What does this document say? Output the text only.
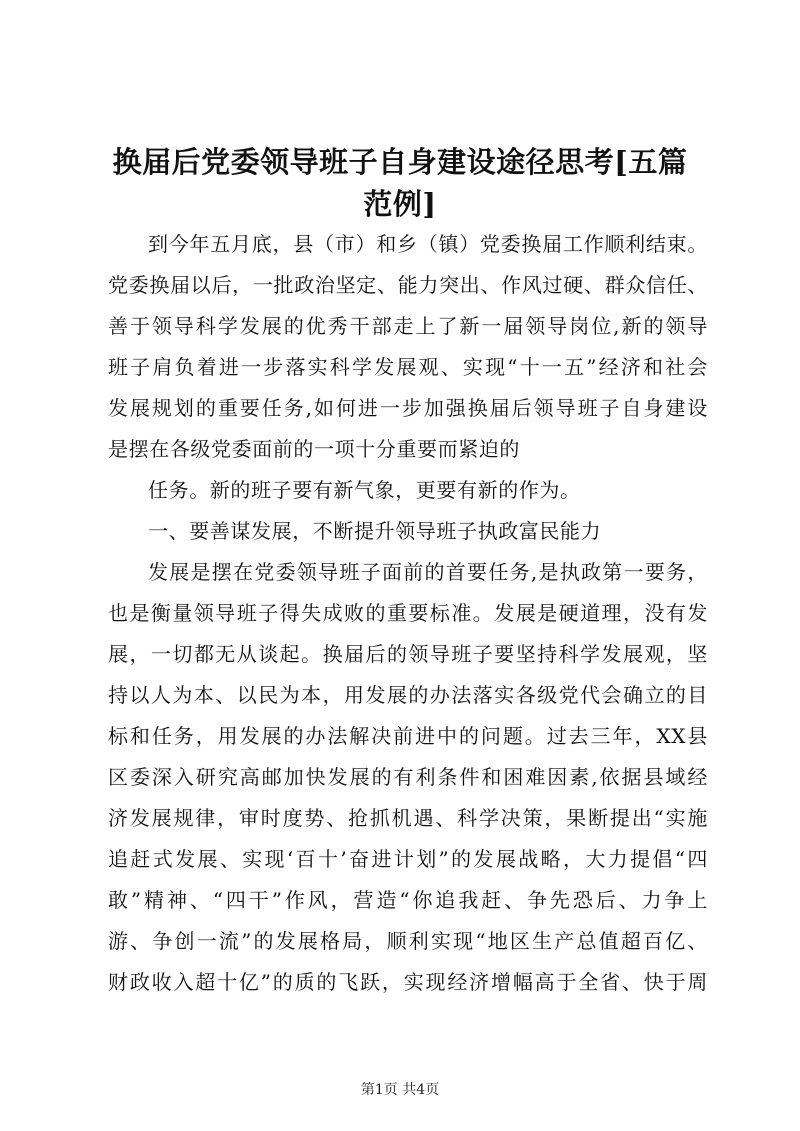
换届后党委领导班子自身建设途径思考[五篇
范例]
到今年五月底，县（市）和乡（镇）党委换届工作顺利结束。
党委换届以后，一批政治坚定、能力突出、作风过硬、群众信任、
善于领导科学发展的优秀干部走上了新一届领导岗位,新的领导
班子肩负着进一步落实科学发展观、实现“十一五”经济和社会
发展规划的重要任务,如何进一步加强换届后领导班子自身建设
是摆在各级党委面前的一项十分重要而紧迫的
任务。新的班子要有新气象，更要有新的作为。
一、要善谋发展，不断提升领导班子执政富民能力
发展是摆在党委领导班子面前的首要任务,是执政第一要务，
也是衡量领导班子得失成败的重要标准。发展是硬道理，没有发
展，一切都无从谈起。换届后的领导班子要坚持科学发展观，坚
持以人为本、以民为本，用发展的办法落实各级党代会确立的目
标和任务，用发展的办法解决前进中的问题。过去三年，XX县
区委深入研究高邮加快发展的有利条件和困难因素,依据县域经
济发展规律，审时度势、抢抓机遇、科学决策，果断提出“实施
追赶式发展、实现‘百十’奋进计划”的发展战略，大力提倡“四
敢”精神、“四干”作风，营造“你追我赶、争先恐后、力争上
游、争创一流”的发展格局，顺利实现“地区生产总值超百亿、
财政收入超十亿”的质的飞跃，实现经济增幅高于全省、快于周
第1页 共4页
